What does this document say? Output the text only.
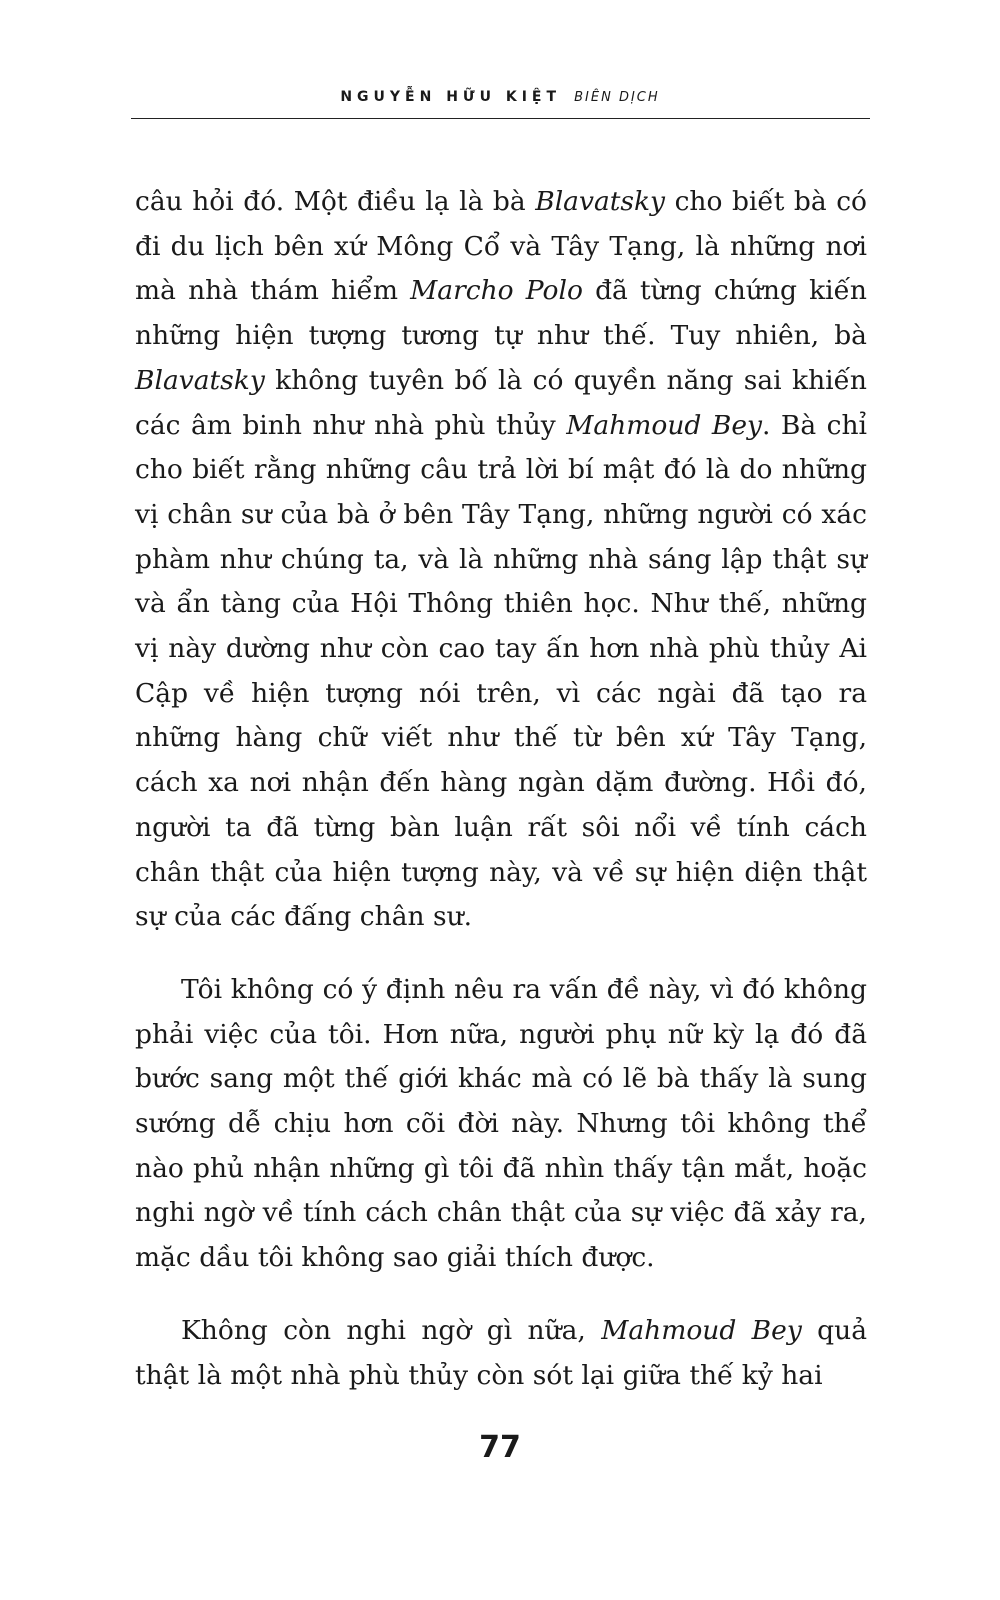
NGUYỄN HỮU KIỆT BIÊN DỊCH

câu hỏi đó. Một điều lạ là bà Blavatsky cho biết bà có đi du lịch bên xứ Mông Cổ và Tây Tạng, là những nơi mà nhà thám hiểm Marcho Polo đã từng chứng kiến những hiện tượng tương tự như thế. Tuy nhiên, bà Blavatsky không tuyên bố là có quyền năng sai khiến các âm binh như nhà phù thủy Mahmoud Bey. Bà chỉ cho biết rằng những câu trả lời bí mật đó là do những vị chân sư của bà ở bên Tây Tạng, những người có xác phàm như chúng ta, và là những nhà sáng lập thật sự và ẩn tàng của Hội Thông thiên học. Như thế, những vị này dường như còn cao tay ấn hơn nhà phù thủy Ai Cập về hiện tượng nói trên, vì các ngài đã tạo ra những hàng chữ viết như thế từ bên xứ Tây Tạng, cách xa nơi nhận đến hàng ngàn dặm đường. Hồi đó, người ta đã từng bàn luận rất sôi nổi về tính cách chân thật của hiện tượng này, và về sự hiện diện thật sự của các đấng chân sư.

Tôi không có ý định nêu ra vấn đề này, vì đó không phải việc của tôi. Hơn nữa, người phụ nữ kỳ lạ đó đã bước sang một thế giới khác mà có lẽ bà thấy là sung sướng dễ chịu hơn cõi đời này. Nhưng tôi không thể nào phủ nhận những gì tôi đã nhìn thấy tận mắt, hoặc nghi ngờ về tính cách chân thật của sự việc đã xảy ra, mặc dầu tôi không sao giải thích được.

Không còn nghi ngờ gì nữa, Mahmoud Bey quả thật là một nhà phù thủy còn sót lại giữa thế kỷ hai

77
